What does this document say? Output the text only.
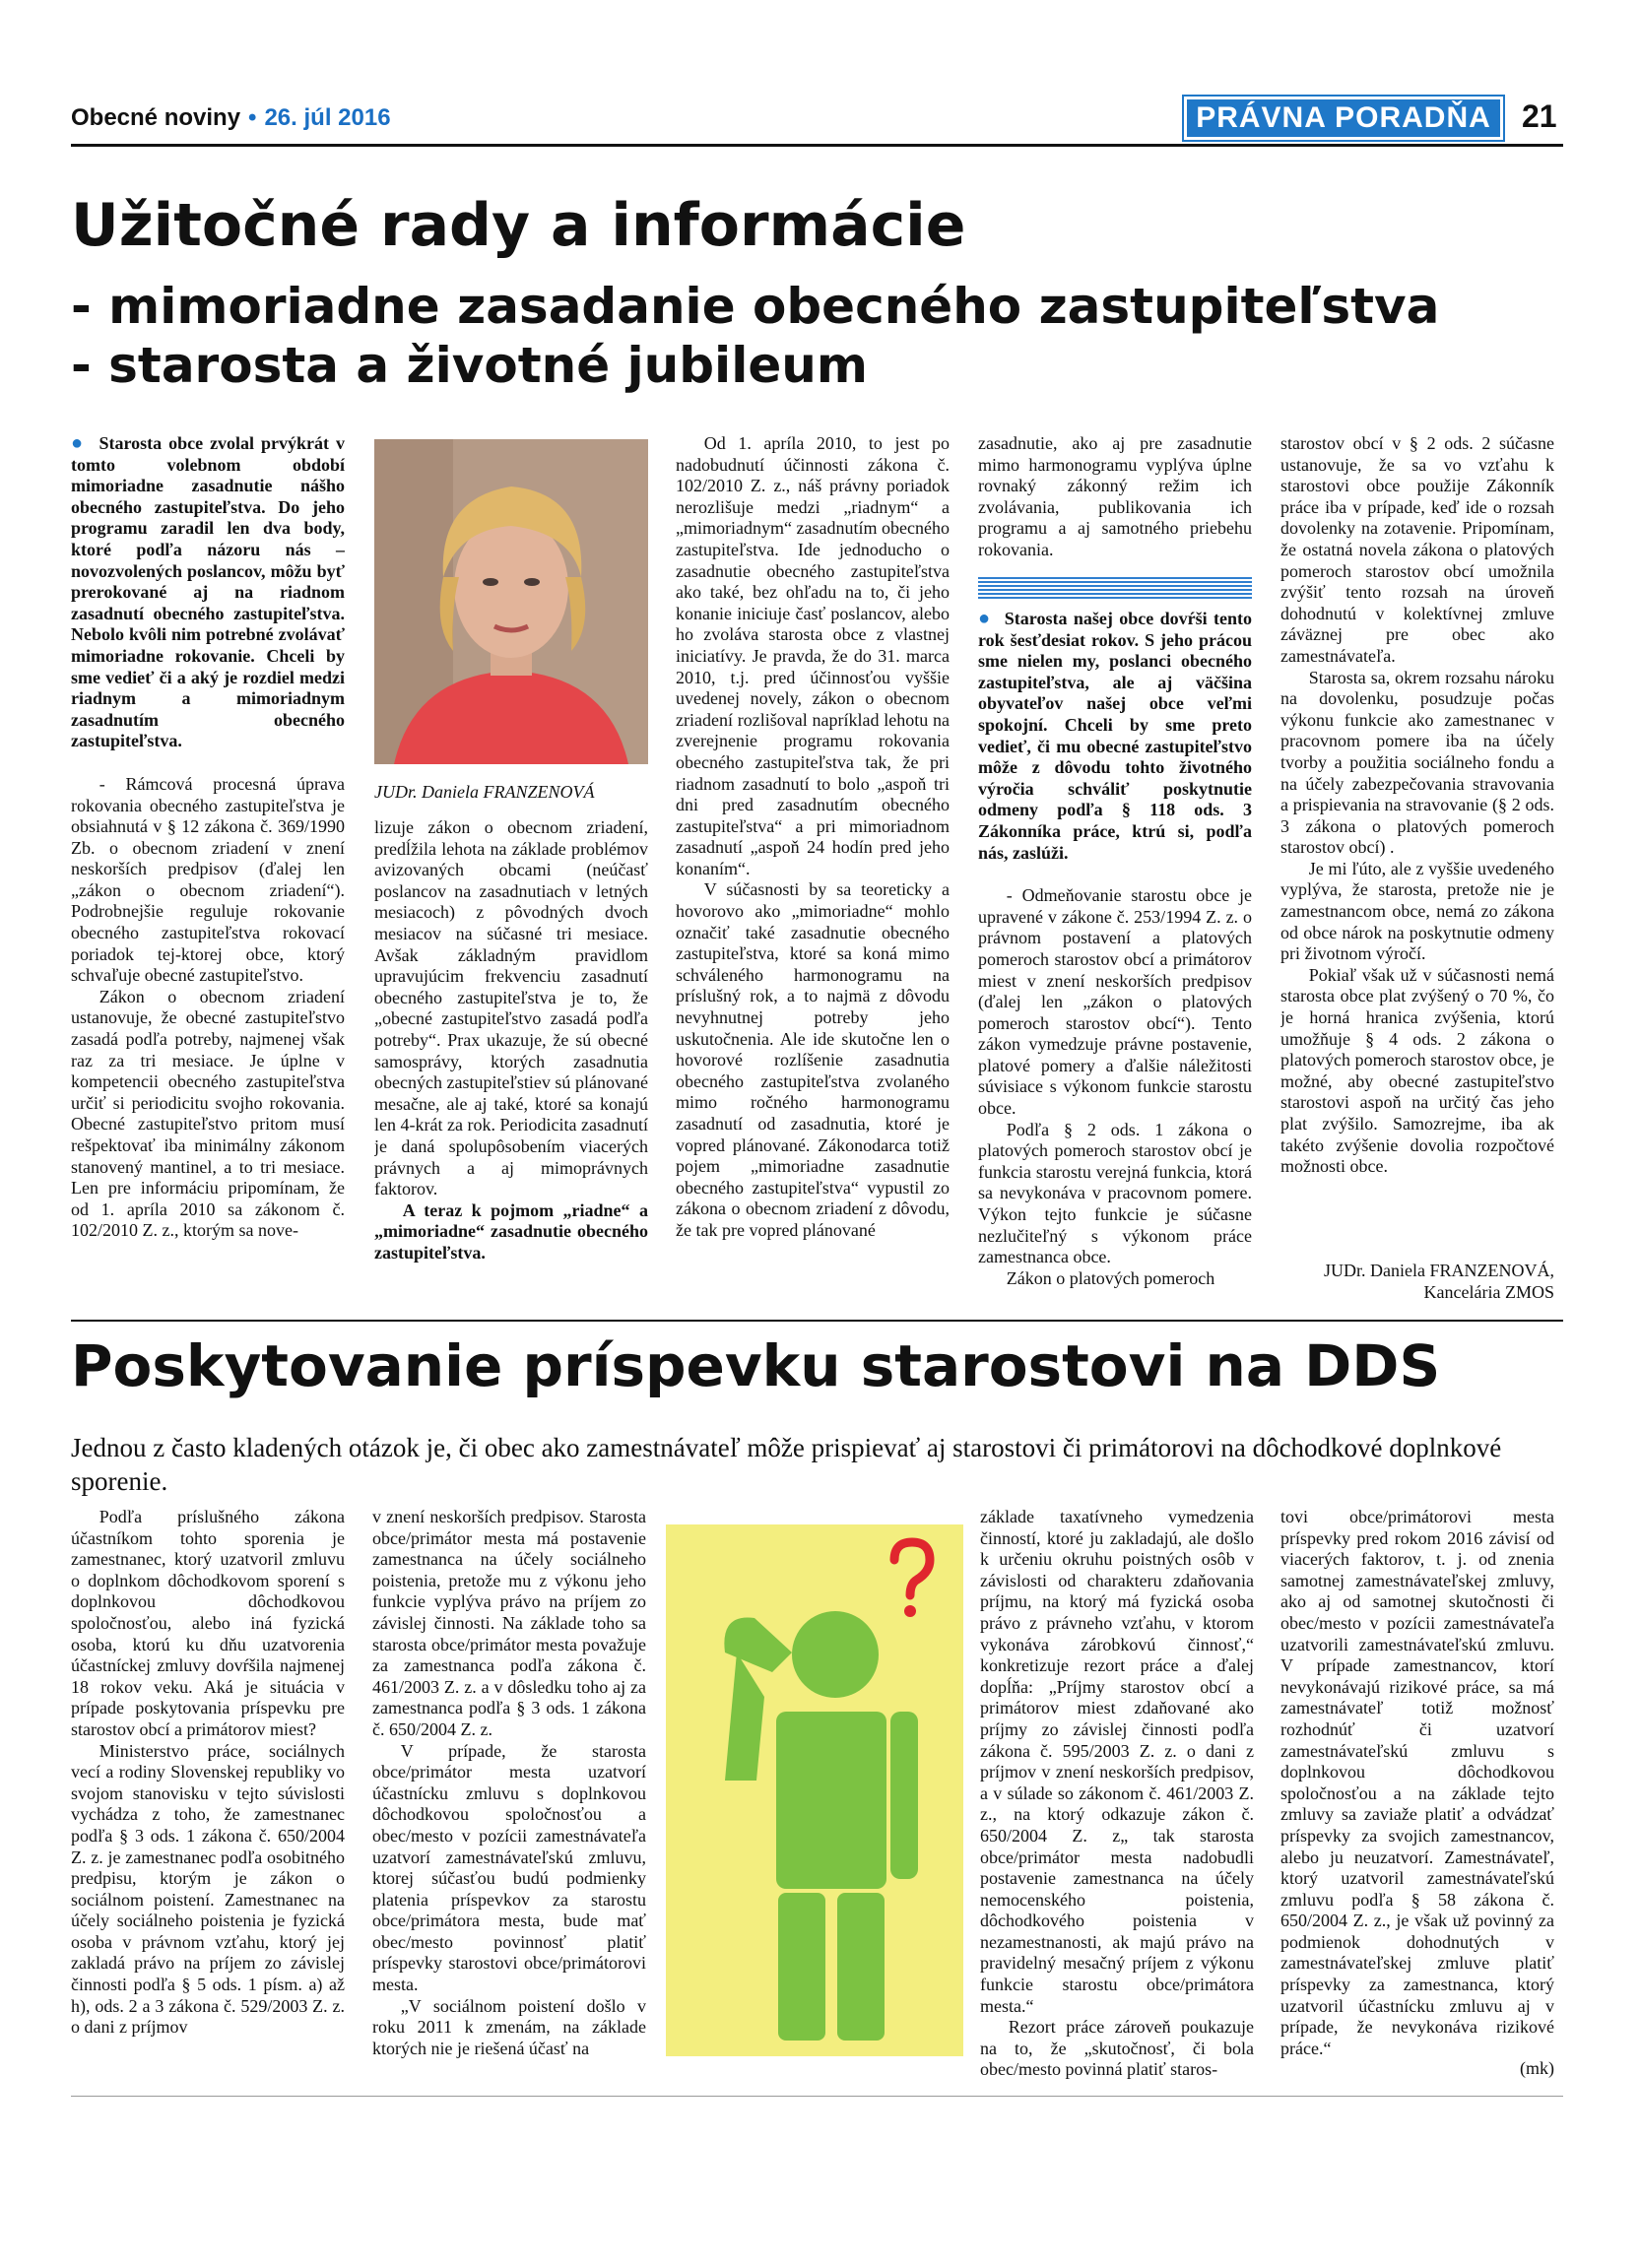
Obecné noviny • 26. júl 2016	PRÁVNA PORADŇA 21
Užitočné rady a informácie
- mimoriadne zasadanie obecného zastupiteľstva
- starosta a životné jubileum

● Starosta obce zvolal prvýkrát v tomto volebnom období mimoriadne zasadnutie nášho obecného zastupiteľstva. Do jeho programu zaradil len dva body, ktoré podľa názoru nás – novozvolených poslancov, môžu byť prerokované aj na riadnom zasadnutí obecného zastupiteľstva. Nebolo kvôli nim potrebné zvolávať mimoriadne rokovanie. Chceli by sme vedieť či a aký je rozdiel medzi riadnym a mimoriadnym zasadnutím obecného zastupiteľstva.

- Rámcová procesná úprava rokovania obecného zastupiteľstva je obsiahnutá v § 12 zákona č. 369/1990 Zb. o obecnom zriadení v znení neskorších predpisov (ďalej len „zákon o obecnom zriadení“). Podrobnejšie reguluje rokovanie obecného zastupiteľstva rokovací poriadok tej-ktorej obce, ktorý schvaľuje obecné zastupiteľstvo.

Zákon o obecnom zriadení ustanovuje, že obecné zastupiteľstvo zasadá podľa potreby, najmenej však raz za tri mesiace. Je úplne v kompetencii obecného zastupiteľstva určiť si periodicitu svojho rokovania. Obecné zastupiteľstvo pritom musí rešpektovať iba minimálny zákonom stanovený mantinel, a to tri mesiace. Len pre informáciu pripomínam, že od 1. apríla 2010 sa zákonom č. 102/2010 Z. z., ktorým sa nove-

JUDr. Daniela FRANZENOVÁ

lizuje zákon o obecnom zriadení, predĺžila lehota na základe problémov avizovaných obcami (neúčasť poslancov na zasadnutiach v letných mesiacoch) z pôvodných dvoch mesiacov na súčasné tri mesiace. Avšak základným pravidlom upravujúcim frekvenciu zasadnutí obecného zastupiteľstva je to, že „obecné zastupiteľstvo zasadá podľa potreby“. Prax ukazuje, že sú obecné samosprávy, ktorých zasadnutia obecných zastupiteľstiev sú plánované mesačne, ale aj také, ktoré sa konajú len 4-krát za rok. Periodicita zasadnutí je daná spolupôsobením viacerých právnych a aj mimoprávnych faktorov.

A teraz k pojmom „riadne“ a „mimoriadne“ zasadnutie obecného zastupiteľstva.

Od 1. apríla 2010, to jest po nadobudnutí účinnosti zákona č. 102/2010 Z. z., náš právny poriadok nerozlišuje medzi „riadnym“ a „mimoriadnym“ zasadnutím obecného zastupiteľstva. Ide jednoducho o zasadnutie obecného zastupiteľstva ako také, bez ohľadu na to, či jeho konanie iniciuje časť poslancov, alebo ho zvoláva starosta obce z vlastnej iniciatívy. Je pravda, že do 31. marca 2010, t.j. pred účinnosťou vyššie uvedenej novely, zákon o obecnom zriadení rozlišoval napríklad lehotu na zverejnenie programu rokovania obecného zastupiteľstva tak, že pri riadnom zasadnutí to bolo „aspoň tri dni pred zasadnutím obecného zastupiteľstva“ a pri mimoriadnom zasadnutí „aspoň 24 hodín pred jeho konaním“.

V súčasnosti by sa teoreticky a hovorovo ako „mimoriadne“ mohlo označiť také zasadnutie obecného zastupiteľstva, ktoré sa koná mimo schváleného harmonogramu na príslušný rok, a to najmä z dôvodu nevyhnutnej potreby jeho uskutočnenia. Ale ide skutočne len o hovorové rozlíšenie zasadnutia obecného zastupiteľstva zvolaného mimo ročného harmonogramu zasadnutí od zasadnutia, ktoré je vopred plánované. Zákonodarca totiž pojem „mimoriadne zasadnutie obecného zastupiteľstva“ vypustil zo zákona o obecnom zriadení z dôvodu, že tak pre vopred plánované

zasadnutie, ako aj pre zasadnutie mimo harmonogramu vyplýva úplne rovnaký zákonný režim ich zvolávania, publikovania ich programu a aj samotného priebehu rokovania.

● Starosta našej obce dovŕši tento rok šesťdesiat rokov. S jeho prácou sme nielen my, poslanci obecného zastupiteľstva, ale aj väčšina obyvateľov našej obce veľmi spokojní. Chceli by sme preto vedieť, či mu obecné zastupiteľstvo môže z dôvodu tohto životného výročia schváliť poskytnutie odmeny podľa § 118 ods. 3 Zákonníka práce, ktrú si, podľa nás, zaslúži.

- Odmeňovanie starostu obce je upravené v zákone č. 253/1994 Z. z. o právnom postavení a platových pomeroch starostov obcí a primátorov miest v znení neskorších predpisov (ďalej len „zákon o platových pomeroch starostov obcí“). Tento zákon vymedzuje právne postavenie, platové pomery a ďalšie náležitosti súvisiace s výkonom funkcie starostu obce.

Podľa § 2 ods. 1 zákona o platových pomeroch starostov obcí je funkcia starostu verejná funkcia, ktorá sa nevykonáva v pracovnom pomere. Výkon tejto funkcie je súčasne nezlučiteľný s výkonom práce zamestnanca obce.

Zákon o platových pomeroch

starostov obcí v § 2 ods. 2 súčasne ustanovuje, že sa vo vzťahu k starostovi obce použije Zákonník práce iba v prípade, keď ide o rozsah dovolenky na zotavenie. Pripomínam, že ostatná novela zákona o platových pomeroch starostov obcí umožnila zvýšiť tento rozsah na úroveň dohodnutú v kolektívnej zmluve záväznej pre obec ako zamestnávateľa.

Starosta sa, okrem rozsahu nároku na dovolenku, posudzuje počas výkonu funkcie ako zamestnanec v pracovnom pomere iba na účely tvorby a použitia sociálneho fondu a na účely zabezpečovania stravovania a prispievania na stravovanie (§ 2 ods. 3 zákona o platových pomeroch starostov obcí) .

Je mi ľúto, ale z vyššie uvedeného vyplýva, že starosta, pretože nie je zamestnancom obce, nemá zo zákona od obce nárok na poskytnutie odmeny pri životnom výročí.

Pokiaľ však už v súčasnosti nemá starosta obce plat zvýšený o 70 %, čo je horná hranica zvýšenia, ktorú umožňuje § 4 ods. 2 zákona o platových pomeroch starostov obce, je možné, aby obecné zastupiteľstvo starostovi aspoň na určitý čas jeho plat zvýšilo. Samozrejme, iba ak takéto zvýšenie dovolia rozpočtové možnosti obce.

JUDr. Daniela FRANZENOVÁ,
Kancelária ZMOS
Poskytovanie príspevku starostovi na DDS

Jednou z často kladených otázok je, či obec ako zamestnávateľ môže prispievať aj starostovi či primátorovi na dôchodkové doplnkové sporenie.

Podľa príslušného zákona účastníkom tohto sporenia je zamestnanec, ktorý uzatvoril zmluvu o doplnkom dôchodkovom sporení s doplnkovou dôchodkovou spoločnosťou, alebo iná fyzická osoba, ktorú ku dňu uzatvorenia účastníckej zmluvy dovŕšila najmenej 18 rokov veku. Aká je situácia v prípade poskytovania príspevku pre starostov obcí a primátorov miest?

Ministerstvo práce, sociálnych vecí a rodiny Slovenskej republiky vo svojom stanovisku v tejto súvislosti vychádza z toho, že zamestnanec podľa § 3 ods. 1 zákona č. 650/2004 Z. z. je zamestnanec podľa osobitného predpisu, ktorým je zákon o sociálnom poistení. Zamestnanec na účely sociálneho poistenia je fyzická osoba v právnom vzťahu, ktorý jej zakladá právo na príjem zo závislej činnosti podľa § 5 ods. 1 písm. a) až h), ods. 2 a 3 zákona č. 529/2003 Z. z. o dani z príjmov

v znení neskorších predpisov. Starosta obce/primátor mesta má postavenie zamestnanca na účely sociálneho poistenia, pretože mu z výkonu jeho funkcie vyplýva právo na príjem zo závislej činnosti. Na základe toho sa starosta obce/primátor mesta považuje za zamestnanca podľa zákona č. 461/2003 Z. z. a v dôsledku toho aj za zamestnanca podľa § 3 ods. 1 zákona č. 650/2004 Z. z.

V prípade, že starosta obce/primátor mesta uzatvorí účastnícku zmluvu s doplnkovou dôchodkovou spoločnosťou a obec/mesto v pozícii zamestnávateľa uzatvorí zamestnávateľskú zmluvu, ktorej súčasťou budú podmienky platenia príspevkov za starostu obce/primátora mesta, bude mať obec/mesto povinnosť platiť príspevky starostovi obce/primátorovi mesta.

„V sociálnom poistení došlo v roku 2011 k zmenám, na základe ktorých nie je riešená účasť na

základe taxatívneho vymedzenia činností, ktoré ju zakladajú, ale došlo k určeniu okruhu poistných osôb v závislosti od charakteru zdaňovania príjmu, na ktorý má fyzická osoba právo z právneho vzťahu, v ktorom vykonáva zárobkovú činnosť,“ konkretizuje rezort práce a ďalej dopĺňa: „Príjmy starostov obcí a primátorov miest zdaňované ako príjmy zo závislej činnosti podľa zákona č. 595/2003 Z. z. o dani z príjmov v znení neskorších predpisov, a v súlade so zákonom č. 461/2003 Z. z., na ktorý odkazuje zákon č. 650/2004 Z. z„ tak starosta obce/primátor mesta nadobudli postavenie zamestnanca na účely nemocenského poistenia, dôchodkového poistenia v nezamestnanosti, ak majú právo na pravidelný mesačný príjem z výkonu funkcie starostu obce/primátora mesta.“

Rezort práce zároveň poukazuje na to, že „skutočnosť, či bola obec/mesto povinná platiť staros-

tovi obce/primátorovi mesta príspevky pred rokom 2016 závisí od viacerých faktorov, t. j. od znenia samotnej zamestnávateľskej zmluvy, ako aj od samotnej skutočnosti či obec/mesto v pozícii zamestnávateľa uzatvorili zamestnávateľskú zmluvu. V prípade zamestnancov, ktorí nevykonávajú rizikové práce, sa má zamestnávateľ totiž možnosť rozhodnúť či uzatvorí zamestnávateľskú zmluvu s doplnkovou dôchodkovou spoločnosťou a na základe tejto zmluvy sa zaviaže platiť a odvádzať príspevky za svojich zamestnancov, alebo ju neuzatvorí. Zamestnávateľ, ktorý uzatvoril zamestnávateľskú zmluvu podľa § 58 zákona č. 650/2004 Z. z., je však už povinný za podmienok dohodnutých v zamestnávateľskej zmluve platiť príspevky za zamestnanca, ktorý uzatvoril účastnícku zmluvu aj v prípade, že nevykonáva rizikové práce.“

(mk)
